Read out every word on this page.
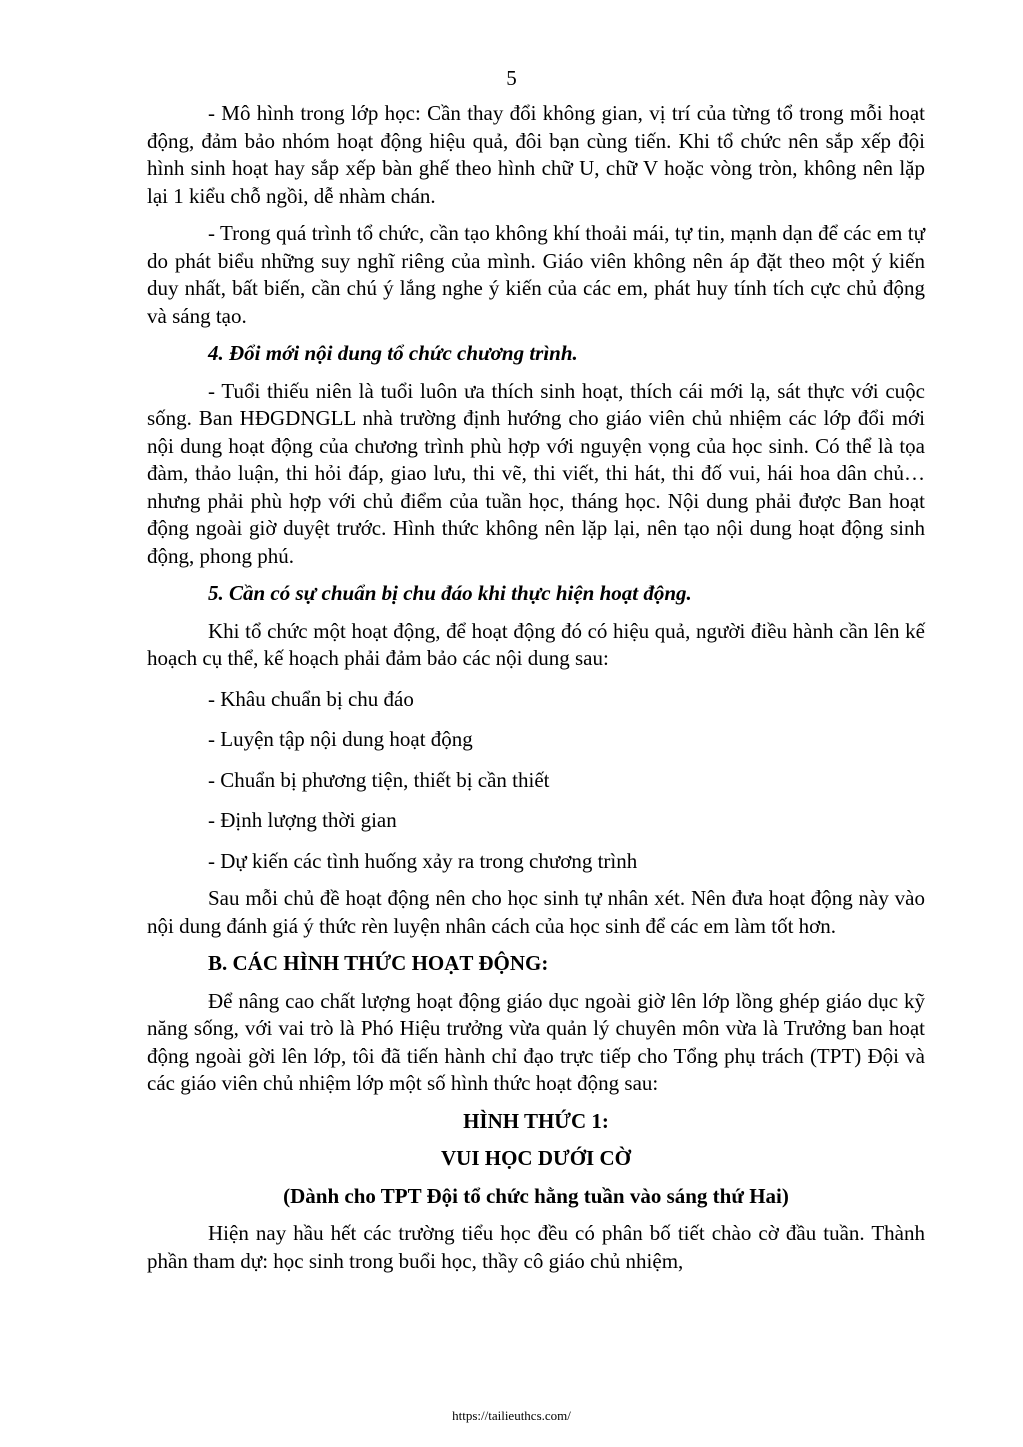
5

- Mô hình trong lớp học: Cần thay đổi không gian, vị trí của từng tổ trong mỗi hoạt động, đảm bảo nhóm hoạt động hiệu quả, đôi bạn cùng tiến. Khi tổ chức nên sắp xếp đội hình sinh hoạt hay sắp xếp bàn ghế theo hình chữ U, chữ V hoặc vòng tròn, không nên lặp lại 1 kiểu chỗ ngồi, dễ nhàm chán.

- Trong quá trình tổ chức, cần tạo không khí thoải mái, tự tin, mạnh dạn để các em tự do phát biểu những suy nghĩ riêng của mình. Giáo viên không nên áp đặt theo một ý kiến duy nhất, bất biến, cần chú ý lắng nghe ý kiến của các em, phát huy tính tích cực chủ động và sáng tạo.

4. Đổi mới nội dung tổ chức chương trình.

- Tuổi thiếu niên là tuổi luôn ưa thích sinh hoạt, thích cái mới lạ, sát thực với cuộc sống. Ban HĐGDNGLL nhà trường định hướng cho giáo viên chủ nhiệm các lớp đổi mới nội dung hoạt động của chương trình phù hợp với nguyện vọng của học sinh. Có thể là tọa đàm, thảo luận, thi hỏi đáp, giao lưu, thi vẽ, thi viết, thi hát, thi đố vui, hái hoa dân chủ… nhưng phải phù hợp với chủ điểm của tuần học, tháng học. Nội dung phải được Ban hoạt động ngoài giờ duyệt trước. Hình thức không nên lặp lại, nên tạo nội dung hoạt động sinh động, phong phú.

5. Cần có sự chuẩn bị chu đáo khi thực hiện hoạt động.

Khi tổ chức một hoạt động, để hoạt động đó có hiệu quả, người điều hành cần lên kế hoạch cụ thể, kế hoạch phải đảm bảo các nội dung sau:

- Khâu chuẩn bị chu đáo

- Luyện tập nội dung hoạt động

- Chuẩn bị phương tiện, thiết bị cần thiết

- Định lượng thời gian

- Dự kiến các tình huống xảy ra trong chương trình

Sau mỗi chủ đề hoạt động nên cho học sinh tự nhân xét. Nên đưa hoạt động này vào nội dung đánh giá ý thức rèn luyện nhân cách của học sinh để các em làm tốt hơn.

B. CÁC HÌNH THỨC HOẠT ĐỘNG:

Để nâng cao chất lượng hoạt động giáo dục ngoài giờ lên lớp lồng ghép giáo dục kỹ năng sống, với vai trò là Phó Hiệu trưởng vừa quản lý chuyên môn vừa là Trưởng ban hoạt động ngoài gời lên lớp, tôi đã tiến hành chỉ đạo trực tiếp cho Tổng phụ trách (TPT) Đội và các giáo viên chủ nhiệm lớp một số hình thức hoạt động sau:

HÌNH THỨC 1:

VUI HỌC DƯỚI CỜ

(Dành cho TPT Đội tổ chức hằng tuần vào sáng thứ Hai)

Hiện nay hầu hết các trường tiểu học đều có phân bố tiết chào cờ đầu tuần. Thành phần tham dự: học sinh trong buổi học, thầy cô giáo chủ nhiệm,

https://tailieuthcs.com/
